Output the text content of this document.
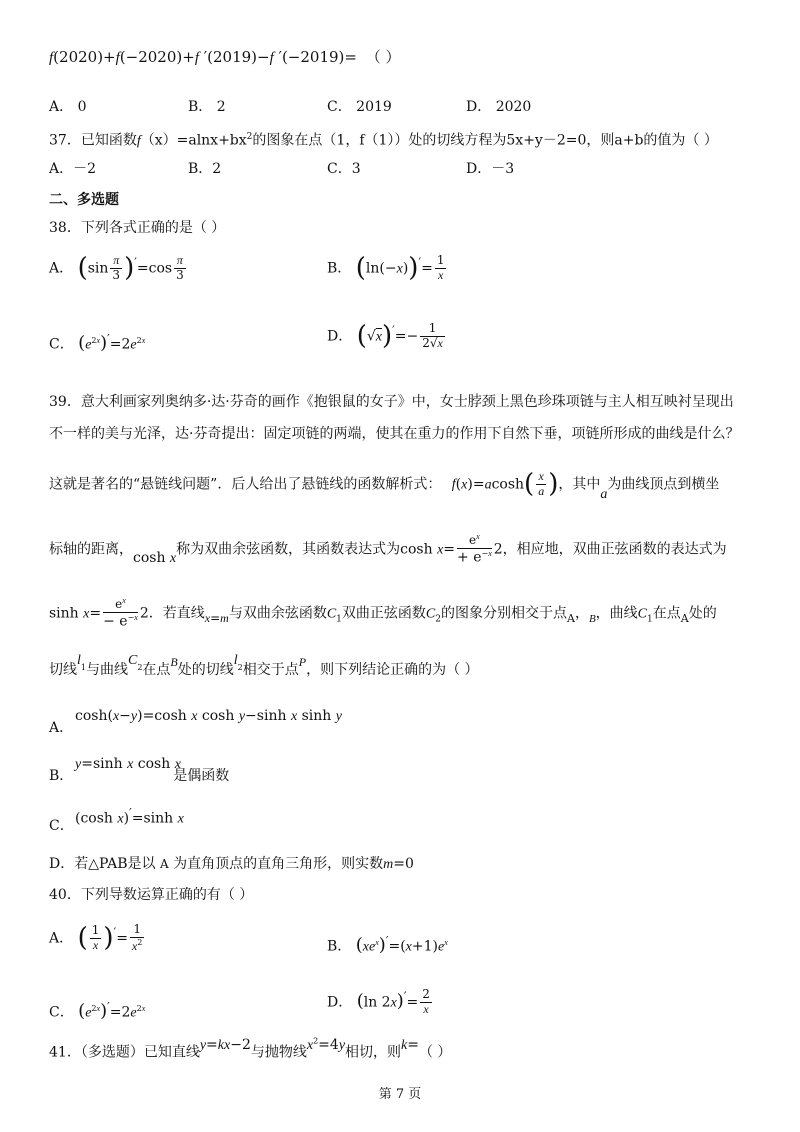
f(2020)+f(−2020)+f ′(2019)−f ′(−2019)= （ ）
A． 0	B． 2	C． 2019	D． 2020
37．已知函数$f(x)=alnx+bx^2$的图象在点（1，f（1））处的切线方程为5x+y－2=0，则a+b的值为（ ）
A．－2	B．2	C．3	D．－3
二、多选题
38．下列各式正确的是（ ）
A． $(\sin \frac{\pi}{3} )'=\cos \frac{\pi}{3}$	B． $(\ln(-x))'= \frac{1}{x}$
C． $(e^{2x})'=2e^{2x}$	D． $(√x)'=- \frac{1}{2√x}$
39．意大利画家列奥纳多·达·芬奇的画作《抱银鼠的女子》中，女士脖颈上黑色珍珠项链与主人相互映衬呈现出
不一样的美与光泽，达·芬奇提出：固定项链的两端，使其在重力的作用下自然下垂，项链所形成的曲线是什么？
这就是著名的“悬链线问题”．后人给出了悬链线的函数解析式： $f(x)=acosh( \frac{x}{a}$ )，其中a为曲线顶点到横坐
标轴的距离，cosh x称为双曲余弦函数，其函数表达式为cosh x=
$e^x$
+ $e^{-x}$ 2，相应地，双曲正弦函数的表达式为
sinh x=
$e^x$
− $e^{-x}$ 2．若直线x=m与双曲余弦函数$C_1$双曲正弦函数$C_2$的图象分别相交于点$_A$，$_B$，曲线$C_1$在点$_A$处的
切线$l_1$与曲线$C_2$在点B处的切线$l_2$相交于点P，则下列结论正确的为（ ）
cosh(x−y)=cosh x cosh y−sinh x sinh y
A．
y=sinh x cosh x
B．	是偶函数
(cosh x)′=sinh x
C．
D．若△PAB是以 A 为直角顶点的直角三角形，则实数m=0
40．下列导数运算正确的有（ ）
A． ( $\frac{1}{x} )'= \frac{1}{x^2}$	B． $(xe^x)'=(x+1)e^x$
C． $(e^{2x})'=2e^{2x}$	D． (ln $2x)'= \frac{2}{x}$
41．（多选题）已知直线y=kx−2与抛物线$x^2=4y$相切，则k=（ ）
第 7 页
